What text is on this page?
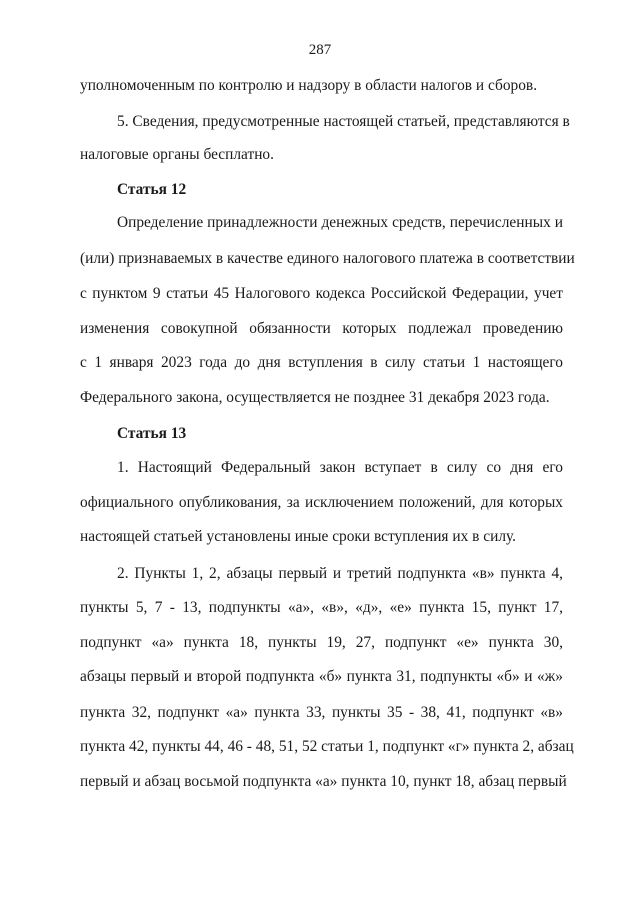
287
уполномоченным по контролю и надзору в области налогов и сборов.
5. Сведения, предусмотренные настоящей статьей, представляются в
налоговые органы бесплатно.
Статья 12
Определение принадлежности денежных средств, перечисленных и
(или) признаваемых в качестве единого налогового платежа в соответствии
с пунктом 9 статьи 45 Налогового кодекса Российской Федерации, учет
изменения совокупной обязанности которых подлежал проведению
с 1 января 2023 года до дня вступления в силу статьи 1 настоящего
Федерального закона, осуществляется не позднее 31 декабря 2023 года.
Статья 13
1. Настоящий Федеральный закон вступает в силу со дня его
официального опубликования, за исключением положений, для которых
настоящей статьей установлены иные сроки вступления их в силу.
2. Пункты 1, 2, абзацы первый и третий подпункта «в» пункта 4,
пункты 5, 7 - 13, подпункты «а», «в», «д», «е» пункта 15, пункт 17,
подпункт «а» пункта 18, пункты 19, 27, подпункт «е» пункта 30,
абзацы первый и второй подпункта «б» пункта 31, подпункты «б» и «ж»
пункта 32, подпункт «а» пункта 33, пункты 35 - 38, 41, подпункт «в»
пункта 42, пункты 44, 46 - 48, 51, 52 статьи 1, подпункт «г» пункта 2, абзац
первый и абзац восьмой подпункта «а» пункта 10, пункт 18, абзац первый
